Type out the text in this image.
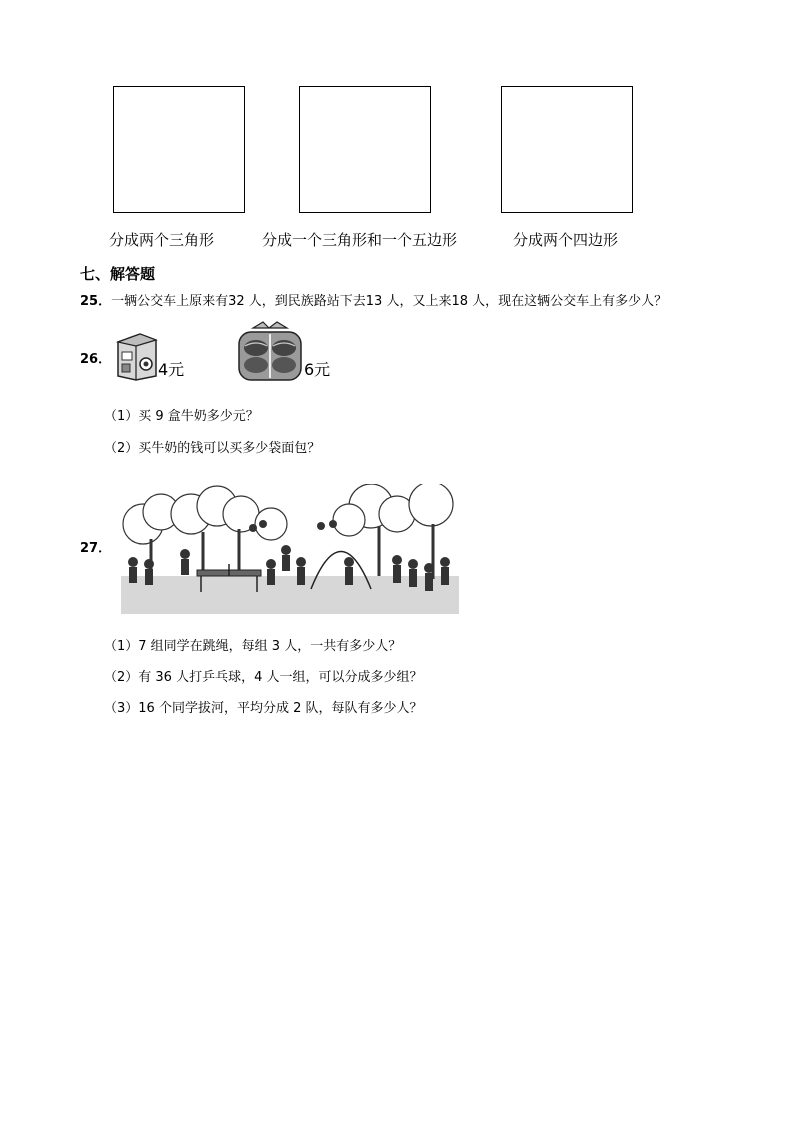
分成两个三角形	分成一个三角形和一个五边形	分成两个四边形
七、解答题
25．一辆公交车上原来有32 人，到民族路站下去13 人，又上来18 人，现在这辆公交车上有多少人？
26．
4元	6元
（1）买 9 盒牛奶多少元？
（2）买牛奶的钱可以买多少袋面包？
27．
（1）7 组同学在跳绳，每组 3 人，一共有多少人？
（2）有 36 人打乒乓球，4 人一组，可以分成多少组？
（3）16 个同学拔河，平均分成 2 队，每队有多少人？
